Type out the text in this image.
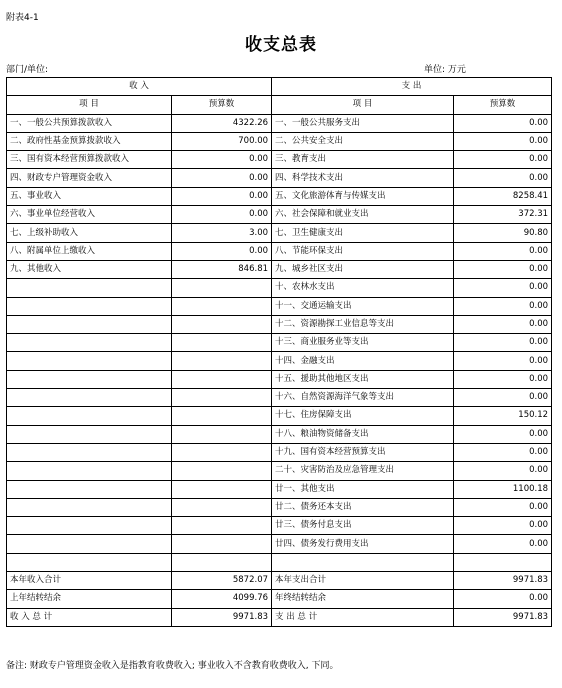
附表4-1
收支总表
部门/单位:	单位: 万元
收 入		支 出	
项 目	预算数	项 目	预算数
一、一般公共预算拨款收入	4322.26	一、一般公共服务支出	0.00
二、政府性基金预算拨款收入	700.00	二、公共安全支出	0.00
三、国有资本经营预算拨款收入	0.00	三、教育支出	0.00
四、财政专户管理资金收入	0.00	四、科学技术支出	0.00
五、事业收入	0.00	五、文化旅游体育与传媒支出	8258.41
六、事业单位经营收入	0.00	六、社会保障和就业支出	372.31
七、上级补助收入	3.00	七、卫生健康支出	90.80
八、附属单位上缴收入	0.00	八、节能环保支出	0.00
九、其他收入	846.81	九、城乡社区支出	0.00
		十、农林水支出	0.00
		十一、交通运输支出	0.00
		十二、资源勘探工业信息等支出	0.00
		十三、商业服务业等支出	0.00
		十四、金融支出	0.00
		十五、援助其他地区支出	0.00
		十六、自然资源海洋气象等支出	0.00
		十七、住房保障支出	150.12
		十八、粮油物资储备支出	0.00
		十九、国有资本经营预算支出	0.00
		二十、灾害防治及应急管理支出	0.00
		廿一、其他支出	1100.18
		廿二、债务还本支出	0.00
		廿三、债务付息支出	0.00
		廿四、债务发行费用支出	0.00

本年收入合计	5872.07	本年支出合计	9971.83
上年结转结余	4099.76	年终结转结余	0.00
收 入 总 计	9971.83	支 出 总 计	9971.83
备注: 财政专户管理资金收入是指教育收费收入; 事业收入不含教育收费收入, 下同。
